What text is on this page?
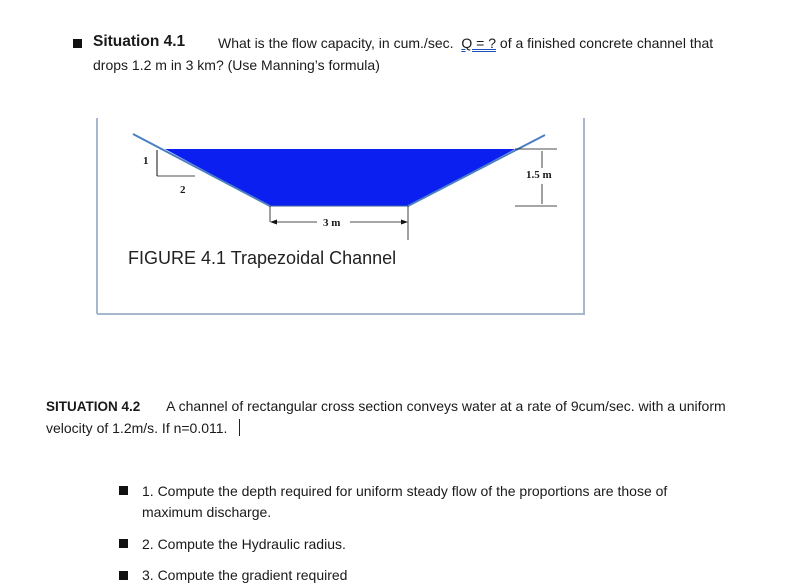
Situation 4.1 What is the flow capacity, in cum./sec. Q = ? of a finished concrete channel that
drops 1.2 m in 3 km? (Use Manning’s formula)
1
2
3 m
1.5 m
FIGURE 4.1 Trapezoidal Channel
SITUATION 4.2 A channel of rectangular cross section conveys water at a rate of 9cum/sec. with a uniform
velocity of 1.2m/s. If n=0.011.
1. Compute the depth required for uniform steady flow of the proportions are those of
maximum discharge.
2. Compute the Hydraulic radius.
3. Compute the gradient required
